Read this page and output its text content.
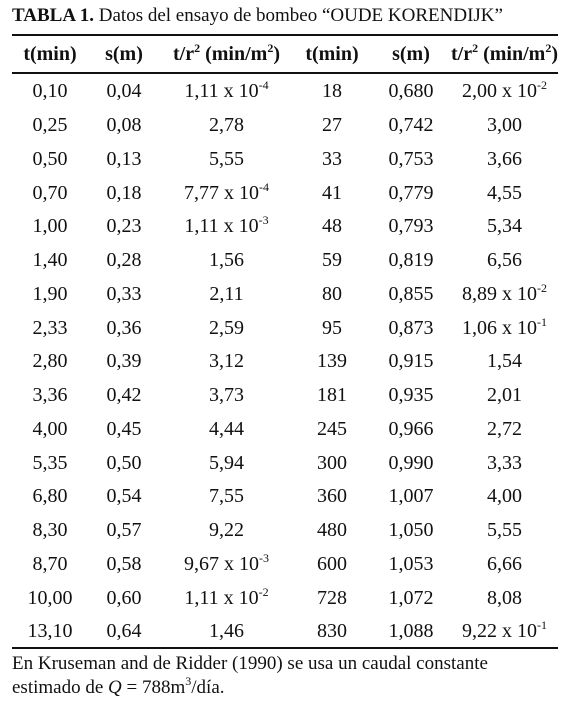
TABLA 1. Datos del ensayo de bombeo “OUDE KORENDIJK”
t(min)	s(m)	$t/r^2$ $(\min/m^2)$	t(min)	s(m)	$t/r^2$ $(\min/m^2)$
0,10	0,04	1,11 x $10^{-4}$	18	0,680	2,00 x $10^{-2}$
0,25	0,08	2,78	27	0,742	3,00
0,50	0,13	5,55	33	0,753	3,66
0,70	0,18	7,77 x $10^{-4}$	41	0,779	4,55
1,00	0,23	1,11 x $10^{-3}$	48	0,793	5,34
1,40	0,28	1,56	59	0,819	6,56
1,90	0,33	2,11	80	0,855	8,89 x $10^{-2}$
2,33	0,36	2,59	95	0,873	1,06 x $10^{-1}$
2,80	0,39	3,12	139	0,915	1,54
3,36	0,42	3,73	181	0,935	2,01
4,00	0,45	4,44	245	0,966	2,72
5,35	0,50	5,94	300	0,990	3,33
6,80	0,54	7,55	360	1,007	4,00
8,30	0,57	9,22	480	1,050	5,55
8,70	0,58	9,67 x $10^{-3}$	600	1,053	6,66
10,00	0,60	1,11 x $10^{-2}$	728	1,072	8,08
13,10	0,64	1,46	830	1,088	9,22 x $10^{-1}$
En Kruseman and de Ridder (1990) se usa un caudal constante
estimado de $Q = 788m^3$/día.
